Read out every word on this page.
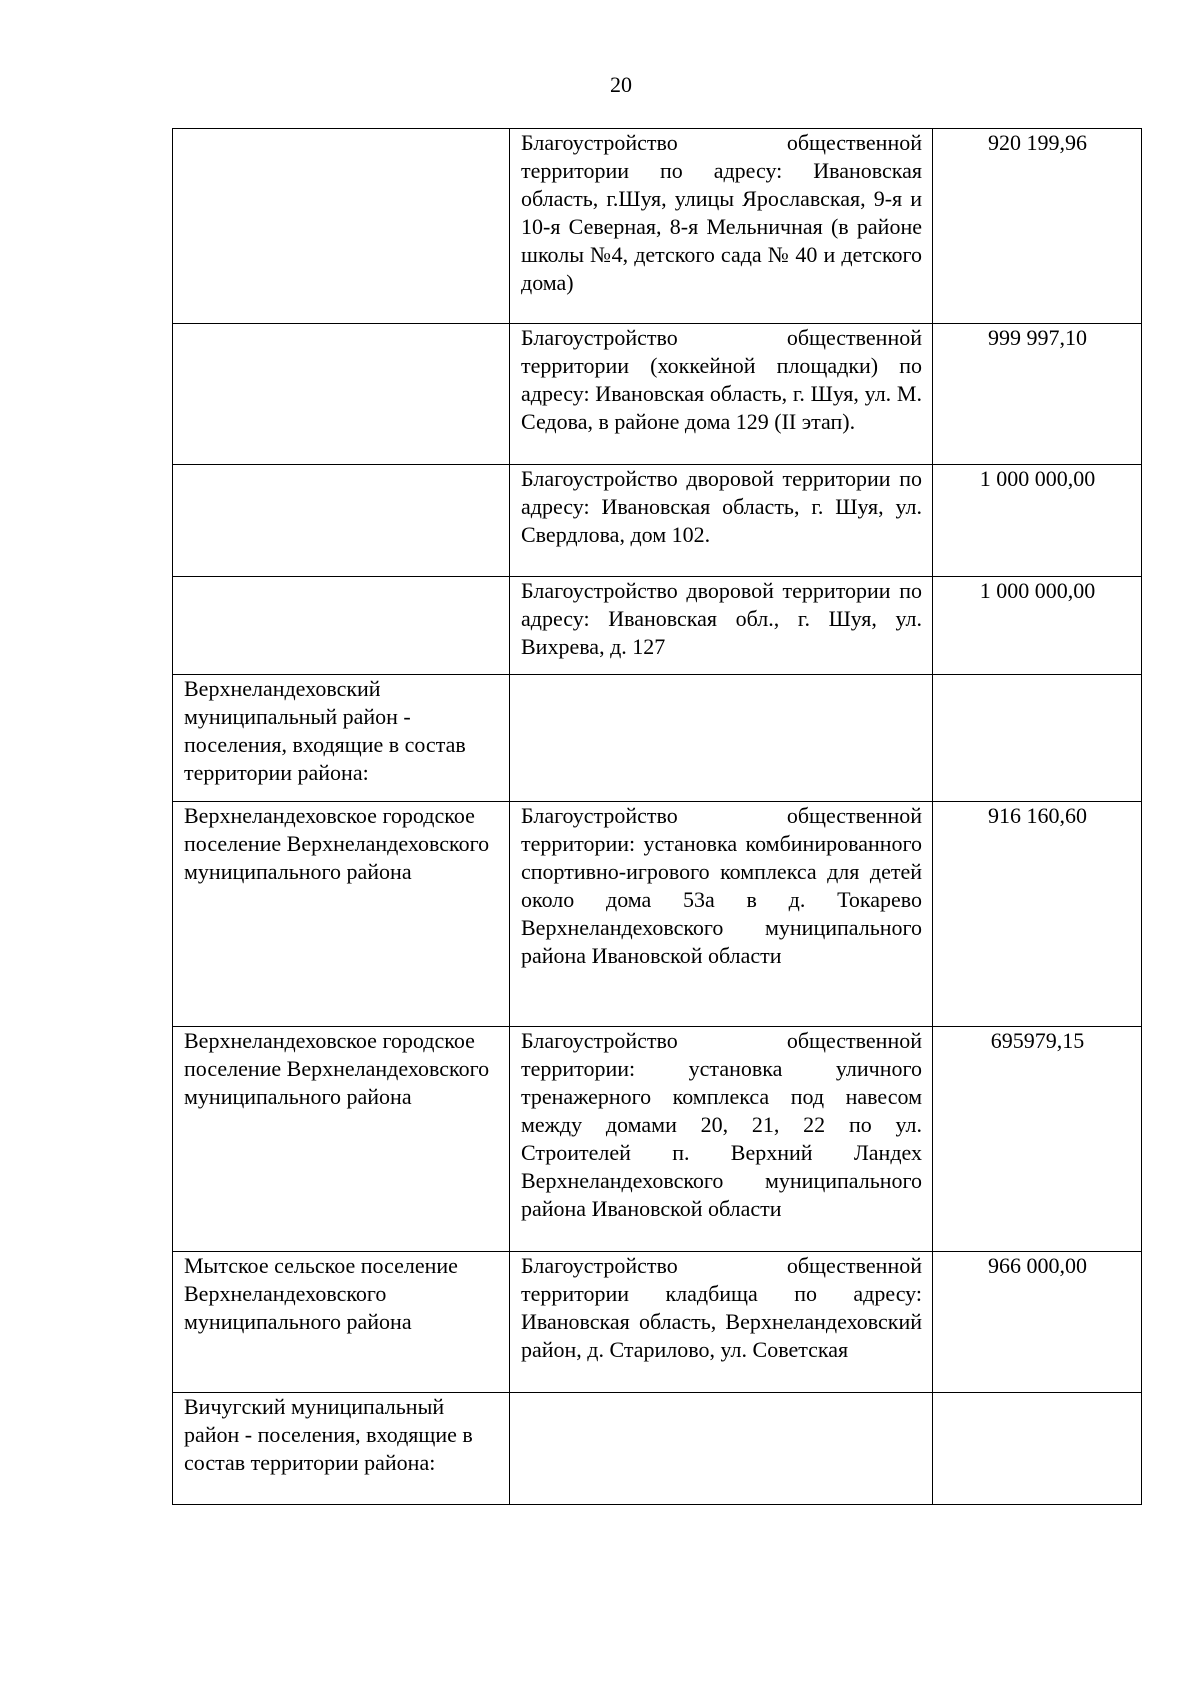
20
	Благоустройство общественной территории по адресу: Ивановская область, г.Шуя, улицы Ярославская, 9-я и 10-я Северная, 8-я Мельничная (в районе школы №4, детского сада № 40 и детского дома)	920 199,96
	Благоустройство общественной территории (хоккейной площадки) по адресу: Ивановская область, г. Шуя, ул. М. Седова, в районе дома 129 (II этап).	999 997,10
	Благоустройство дворовой территории по адресу: Ивановская область, г. Шуя, ул. Свердлова, дом 102.	1 000 000,00
	Благоустройство дворовой территории по адресу: Ивановская обл., г. Шуя, ул. Вихрева, д. 127	1 000 000,00
Верхнеландеховский муниципальный район - поселения, входящие в состав территории района:		
Верхнеландеховское городское поселение Верхнеландеховского муниципального района	Благоустройство общественной территории: установка комбинированного спортивно-игрового комплекса для детей около дома 53а в д. Токарево Верхнеландеховского муниципального района Ивановской области	916 160,60
Верхнеландеховское городское поселение Верхнеландеховского муниципального района	Благоустройство общественной территории: установка уличного тренажерного комплекса под навесом между домами 20, 21, 22 по ул. Строителей п. Верхний Ландех Верхнеландеховского муниципального района Ивановской области	695979,15
Мытское сельское поселение Верхнеландеховского муниципального района	Благоустройство общественной территории кладбища по адресу: Ивановская область, Верхнеландеховский район, д. Старилово, ул. Советская	966 000,00
Вичугский муниципальный район - поселения, входящие в состав территории района:		
